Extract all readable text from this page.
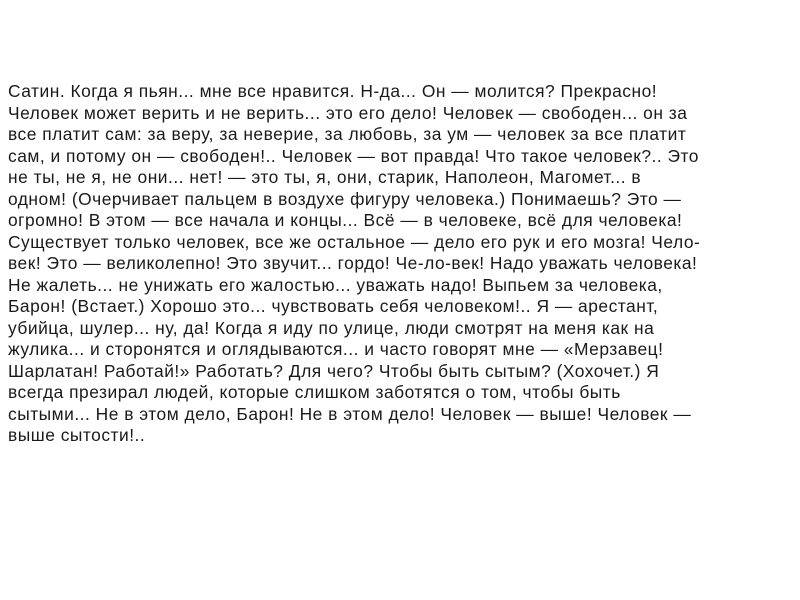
Сатин. Когда я пьян... мне все нравится. Н-да... Он — молится? Прекрасно!
Человек может верить и не верить... это его дело! Человек — свободен... он за
все платит сам: за веру, за неверие, за любовь, за ум — человек за все платит
сам, и потому он — свободен!.. Человек — вот правда! Что такое человек?.. Это
не ты, не я, не они... нет! — это ты, я, они, старик, Наполеон, Магомет... в
одном! (Очерчивает пальцем в воздухе фигуру человека.) Понимаешь? Это —
огромно! В этом — все начала и концы... Всё — в человеке, всё для человека!
Существует только человек, все же остальное — дело его рук и его мозга! Чело-
век! Это — великолепно! Это звучит... гордо! Че-ло-век! Надо уважать человека!
Не жалеть... не унижать его жалостью... уважать надо! Выпьем за человека,
Барон! (Встает.) Хорошо это... чувствовать себя человеком!.. Я — арестант,
убийца, шулер... ну, да! Когда я иду по улице, люди смотрят на меня как на
жулика... и сторонятся и оглядываются... и часто говорят мне — «Мерзавец!
Шарлатан! Работай!» Работать? Для чего? Чтобы быть сытым? (Хохочет.) Я
всегда презирал людей, которые слишком заботятся о том, чтобы быть
сытыми... Не в этом дело, Барон! Не в этом дело! Человек — выше! Человек —
выше сытости!..
